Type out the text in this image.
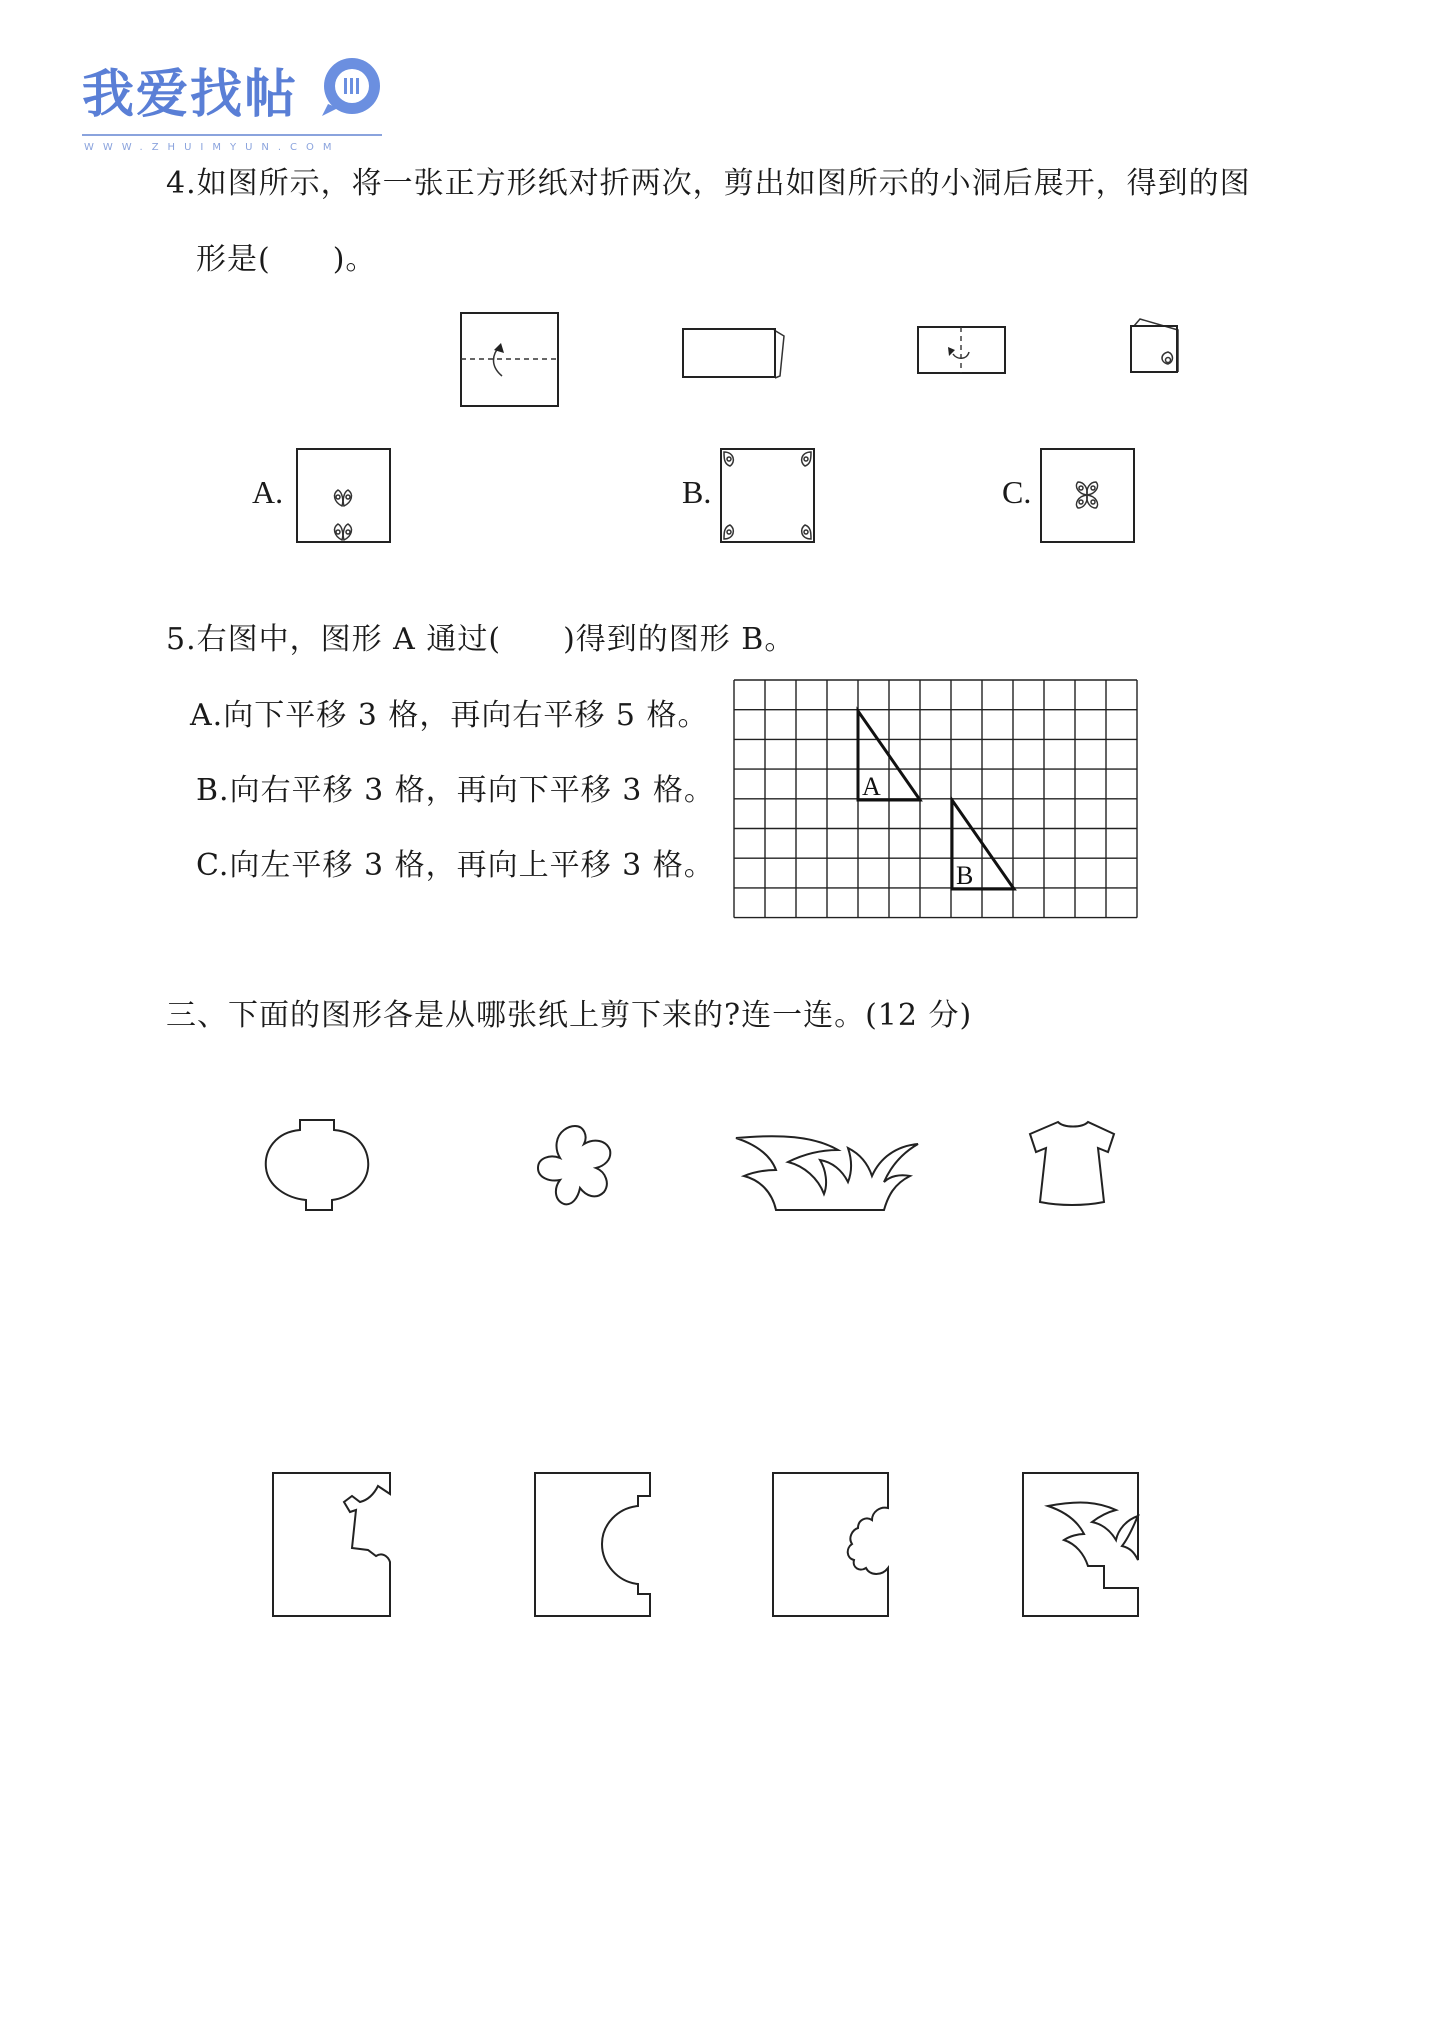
我爱找帖
WWW.ZHUIMYUN.COM
4.如图所示，将一张正方形纸对折两次，剪出如图所示的小洞后展开，得到的图
形是(　　)。
A.	B.	C.
5.右图中，图形 A 通过(　　)得到的图形 B。
A.向下平移 3 格，再向右平移 5 格。
B.向右平移 3 格，再向下平移 3 格。
C.向左平移 3 格，再向上平移 3 格。
A
B
三、下面的图形各是从哪张纸上剪下来的?连一连。(12 分)
